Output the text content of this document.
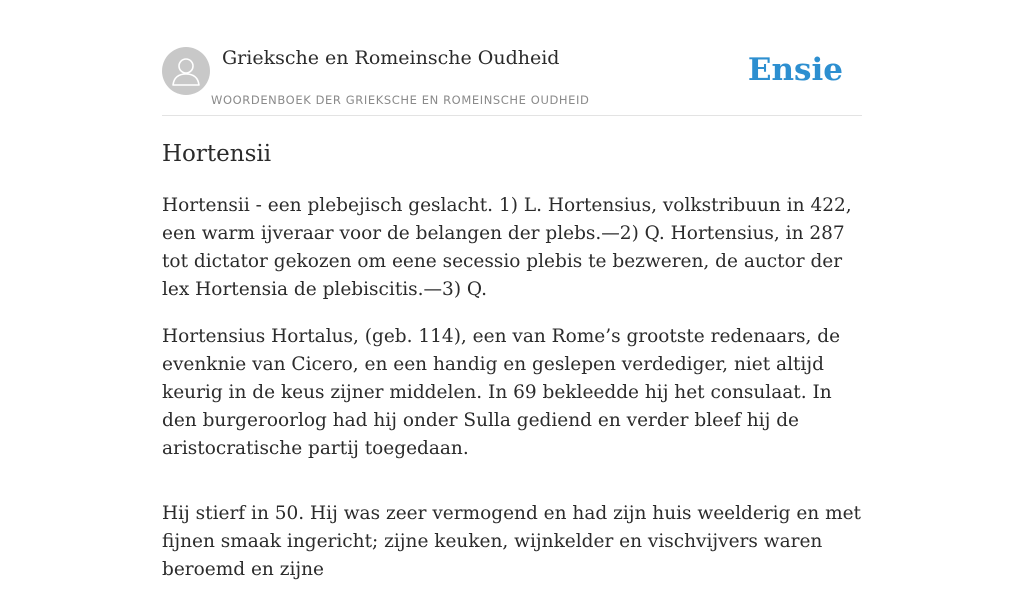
Grieksche en Romeinsche Oudheid
WOORDENBOEK DER GRIEKSCHE EN ROMEINSCHE OUDHEID
Ensie
Hortensii

Hortensii - een plebejisch geslacht. 1) L. Hortensius, volkstribuun in 422, een warm ijveraar voor de belangen der plebs.—2) Q. Hortensius, in 287 tot dictator gekozen om eene secessio plebis te bezweren, de auctor der lex Hortensia de plebiscitis.—3) Q.

Hortensius Hortalus, (geb. 114), een van Rome’s grootste redenaars, de evenknie van Cicero, en een handig en geslepen verdediger, niet altijd keurig in de keus zijner middelen. In 69 bekleedde hij het consulaat. In den burgeroorlog had hij onder Sulla gediend en verder bleef hij de aristocratische partij toegedaan.

Hij stierf in 50. Hij was zeer vermogend en had zijn huis weelderig en met fijnen smaak ingericht; zijne keuken, wijnkelder en vischvijvers waren beroemd en zijne
